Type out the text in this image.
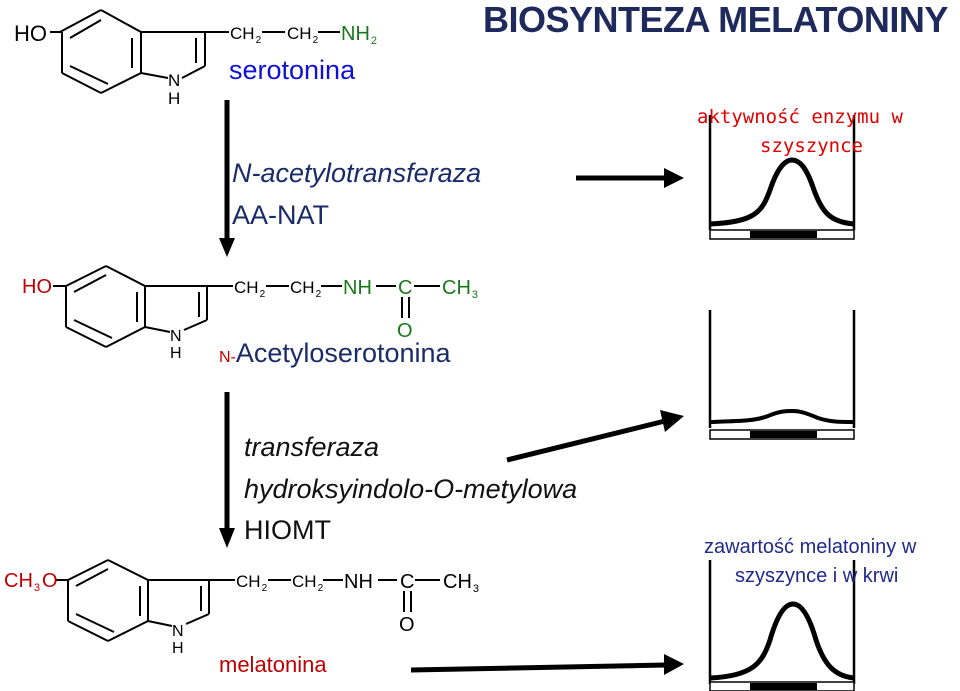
HO
N
H
$CH_2$ $CH_2$ $NH_2$
HO
N
H
$CH_2$ $CH_2$ NH C $CH_3$
O
$CH_3$ O
N
H
$CH_2$ $CH_2$ NH C $CH_3$
O
BIOSYNTEZA MELATONINY
serotonina
N-acetylotransferaza
AA-NAT
N-Acetyloserotonina
transferaza
hydroksyindolo-O-metylowa
HIOMT
melatonina
aktywność enzymu w
szyszynce
zawartość melatoniny w
szyszynce i w krwi
